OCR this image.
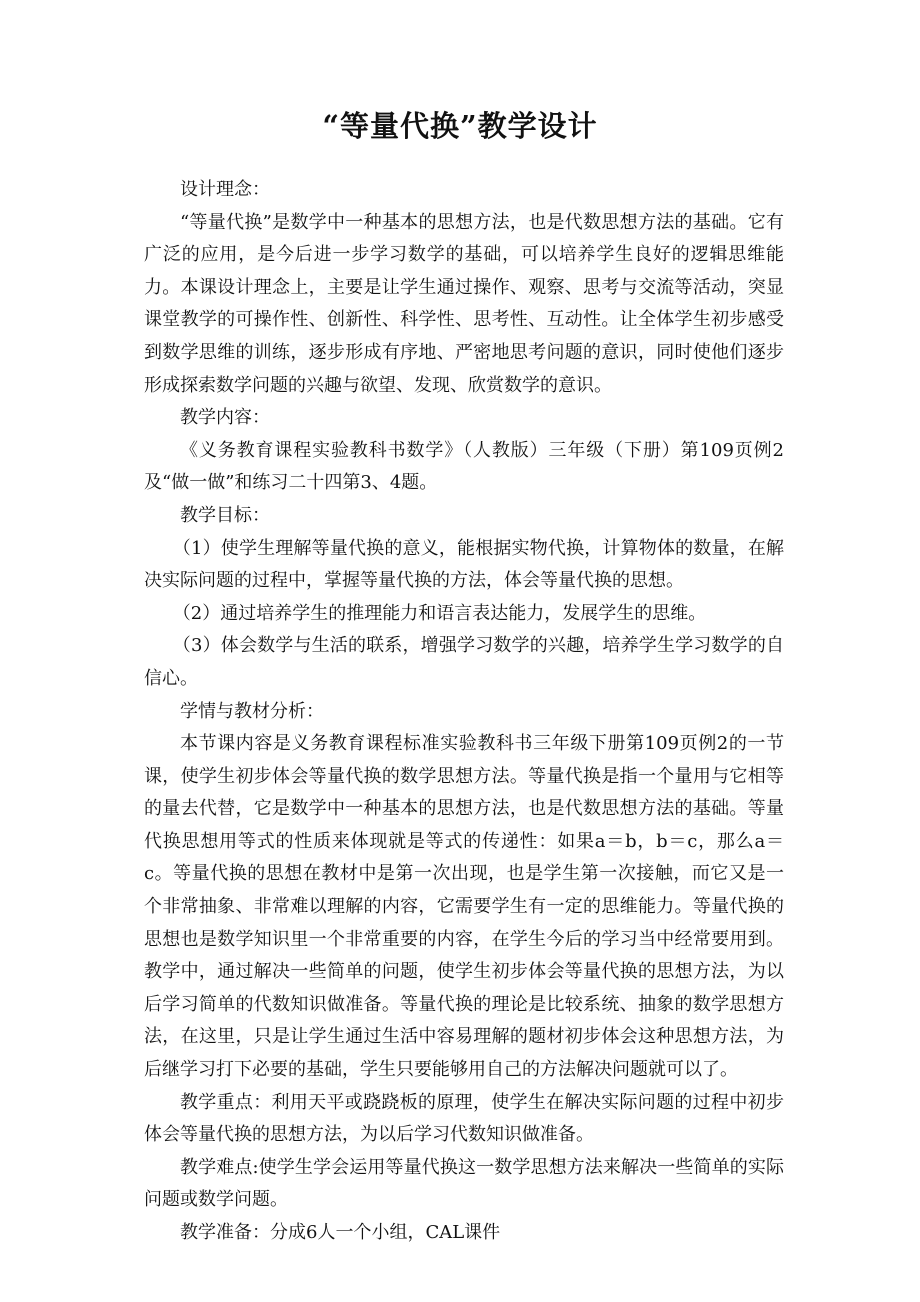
“等量代换”教学设计

设计理念：

“等量代换”是数学中一种基本的思想方法，也是代数思想方法的基础。它有广泛的应用，是今后进一步学习数学的基础，可以培养学生良好的逻辑思维能力。本课设计理念上，主要是让学生通过操作、观察、思考与交流等活动，突显课堂教学的可操作性、创新性、科学性、思考性、互动性。让全体学生初步感受到数学思维的训练，逐步形成有序地、严密地思考问题的意识，同时使他们逐步形成探索数学问题的兴趣与欲望、发现、欣赏数学的意识。

教学内容：

《义务教育课程实验教科书数学》（人教版）三年级（下册）第109页例2及“做一做”和练习二十四第3、4题。

教学目标：

（1）使学生理解等量代换的意义，能根据实物代换，计算物体的数量，在解决实际问题的过程中，掌握等量代换的方法，体会等量代换的思想。

（2）通过培养学生的推理能力和语言表达能力，发展学生的思维。

（3）体会数学与生活的联系，增强学习数学的兴趣，培养学生学习数学的自信心。

学情与教材分析：

本节课内容是义务教育课程标准实验教科书三年级下册第109页例2的一节课，使学生初步体会等量代换的数学思想方法。等量代换是指一个量用与它相等的量去代替，它是数学中一种基本的思想方法，也是代数思想方法的基础。等量代换思想用等式的性质来体现就是等式的传递性：如果a＝b，b＝c，那么a＝c。等量代换的思想在教材中是第一次出现，也是学生第一次接触，而它又是一个非常抽象、非常难以理解的内容，它需要学生有一定的思维能力。等量代换的思想也是数学知识里一个非常重要的内容，在学生今后的学习当中经常要用到。教学中，通过解决一些简单的问题，使学生初步体会等量代换的思想方法，为以后学习简单的代数知识做准备。等量代换的理论是比较系统、抽象的数学思想方法，在这里，只是让学生通过生活中容易理解的题材初步体会这种思想方法，为后继学习打下必要的基础，学生只要能够用自己的方法解决问题就可以了。

教学重点：利用天平或跷跷板的原理，使学生在解决实际问题的过程中初步体会等量代换的思想方法，为以后学习代数知识做准备。

教学难点:使学生学会运用等量代换这一数学思想方法来解决一些简单的实际问题或数学问题。

教学准备：分成6人一个小组，CAL课件
